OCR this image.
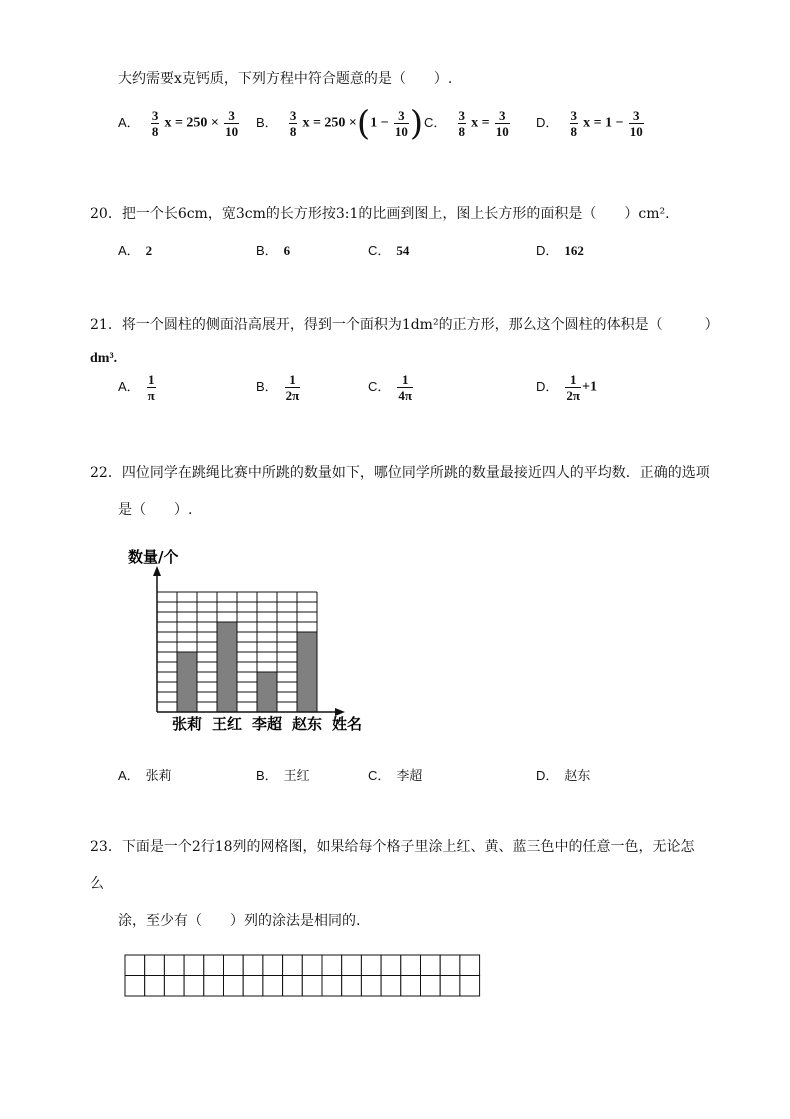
大约需要x克钙质，下列方程中符合题意的是（　　）.
A． $\frac{3}{8}$ $x = 250 \times \frac{3}{10}$ B． $\frac{3}{8}$ $x = 250 \times(1 - \frac{3}{10}$ ) C． $\frac{3}{8}$ $x = \frac{3}{10}$ D． $\frac{3}{8}$ $x = 1 - \frac{3}{10}$
20．把一个长6cm，宽3cm的长方形按3:1的比画到图上，图上长方形的面积是（　　）cm².
A． 2	B． 6	C． 54	D． 162
21．将一个圆柱的侧面沿高展开，得到一个面积为1dm²的正方形，那么这个圆柱的体积是（　　　）
dm³.
A． $\frac{1}{\pi}$	B． $\frac{1}{2\pi}$	C． $\frac{1}{4\pi}$	D． $\frac{1}{2\pi} +1$
22．四位同学在跳绳比赛中所跳的数量如下，哪位同学所跳的数量最接近四人的平均数．正确的选项
是（　　）.
数量/个
姓名
张莉 王红 李超 赵东
A． 张莉	B． 王红	C． 李超	D． 赵东
23．下面是一个2行18列的网格图，如果给每个格子里涂上红、黄、蓝三色中的任意一色，无论怎
么
涂，至少有（　　）列的涂法是相同的.
